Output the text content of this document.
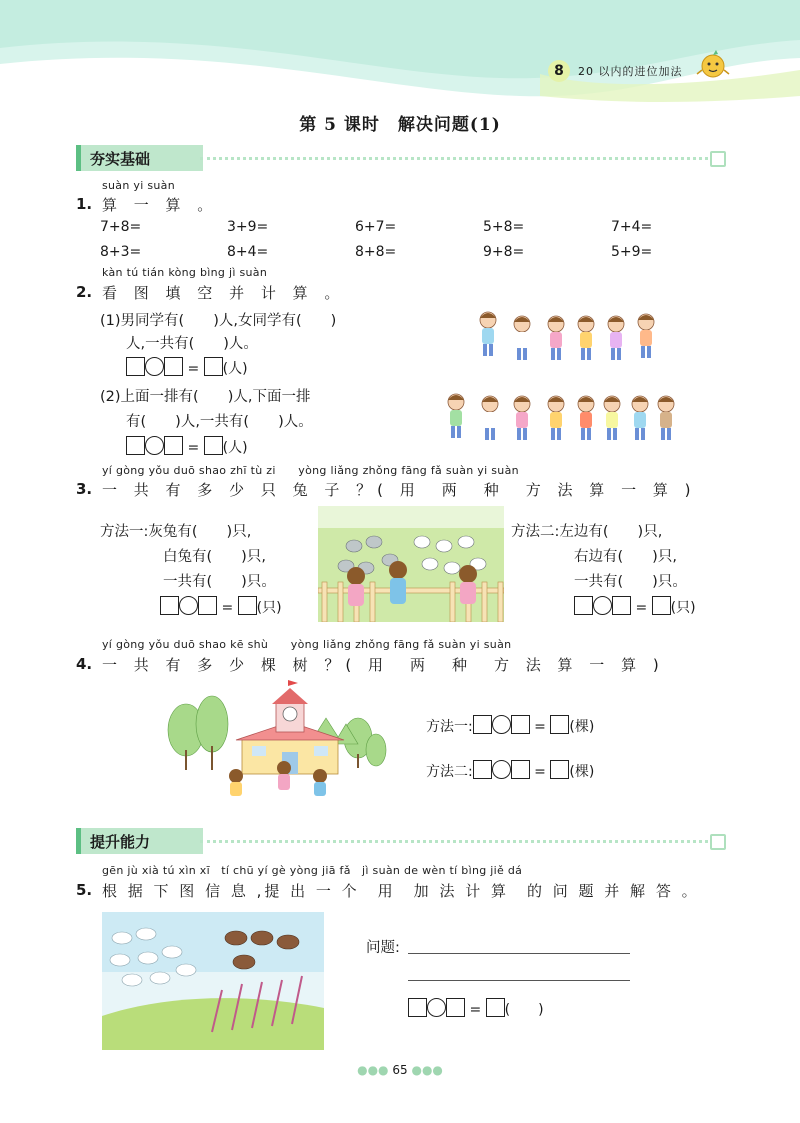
8	20 以内的进位加法
第 5 课时　解决问题(1)
夯实基础
suàn yi suàn
1. 算 一 算 。
7+8=	3+9=	6+7=	5+8=	7+4=
8+3=	8+4=	8+8=	9+8=	5+9=
kàn tú tián kòng bìng jì suàn
2. 看 图 填 空 并 计 算 。
(1)男同学有(　　)人,女同学有(　　)
人,一共有(　　)人。
= (人)
(2)上面一排有(　　)人,下面一排
有(　　)人,一共有(　　)人。
= (人)
yí gòng yǒu duō shao zhī tù zi　　yòng liǎng zhǒng fāng fǎ suàn yi suàn
3. 一 共 有 多 少 只 兔 子 ？( 用　两　种　方 法 算 一 算 )
方法一:灰兔有(　　)只,
白兔有(　　)只,
一共有(　　)只。
= (只)
方法二:左边有(　　)只,
右边有(　　)只,
一共有(　　)只。
= (只)
yí gòng yǒu duō shao kē shù　　yòng liǎng zhǒng fāng fǎ suàn yi suàn
4. 一 共 有 多 少 棵 树 ？( 用　两　种　方 法 算 一 算 )
方法一:	= (棵)
方法二:	= (棵)
提升能力
gēn jù xià tú xìn xī　tí chū yí gè yòng jiā fǎ　jì suàn de wèn tí bìng jiě dá
5. 根 据 下 图 信 息 ,提 出 一 个　用　加 法 计 算　的 问 题 并 解 答 。
问题:
= (　　)
●●● 65 ●●●
